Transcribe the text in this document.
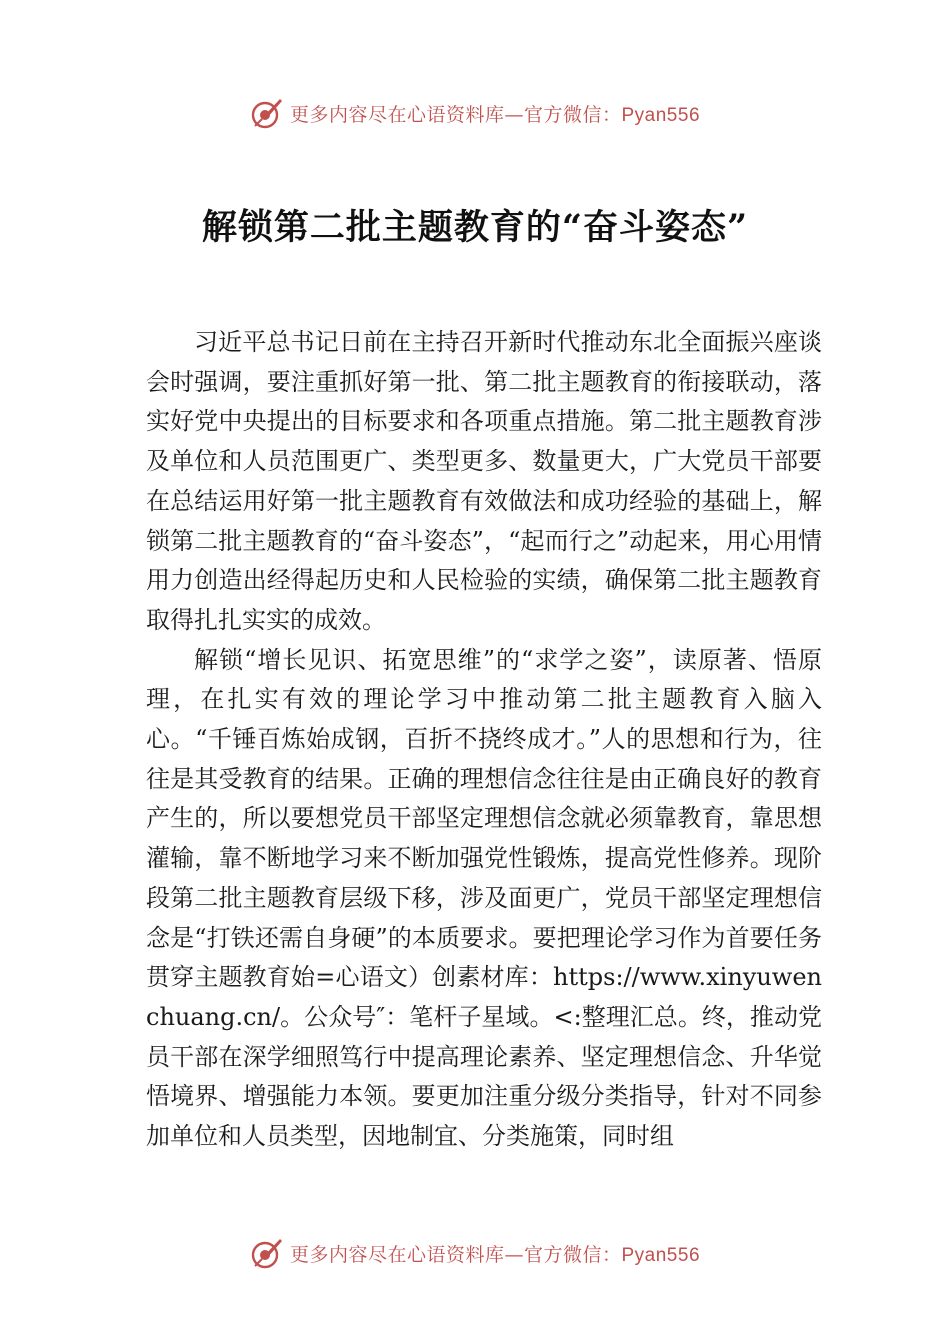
更多内容尽在心语资料库—官方微信：Pyan556
解锁第二批主题教育的“奋斗姿态”

习近平总书记日前在主持召开新时代推动东北全面振兴座谈会时强调，要注重抓好第一批、第二批主题教育的衔接联动，落实好党中央提出的目标要求和各项重点措施。第二批主题教育涉及单位和人员范围更广、类型更多、数量更大，广大党员干部要在总结运用好第一批主题教育有效做法和成功经验的基础上，解锁第二批主题教育的“奋斗姿态”，“起而行之”动起来，用心用情用力创造出经得起历史和人民检验的实绩，确保第二批主题教育取得扎扎实实的成效。

解锁“增长见识、拓宽思维”的“求学之姿”，读原著、悟原理，在扎实有效的理论学习中推动第二批主题教育入脑入心。“千锤百炼始成钢，百折不挠终成才。”人的思想和行为，往往是其受教育的结果。正确的理想信念往往是由正确良好的教育产生的，所以要想党员干部坚定理想信念就必须靠教育，靠思想灌输，靠不断地学习来不断加强党性锻炼，提高党性修养。现阶段第二批主题教育层级下移，涉及面更广，党员干部坚定理想信念是“打铁还需自身硬”的本质要求。要把理论学习作为首要任务贯穿主题教育始=心语文）创素材库：https://www.xinyuwenchuang.cn/。公众号″：笔杆子星域。<:整理汇总。终，推动党员干部在深学细照笃行中提高理论素养、坚定理想信念、升华觉悟境界、增强能力本领。要更加注重分级分类指导，针对不同参加单位和人员类型，因地制宜、分类施策，同时组

更多内容尽在心语资料库—官方微信：Pyan556
